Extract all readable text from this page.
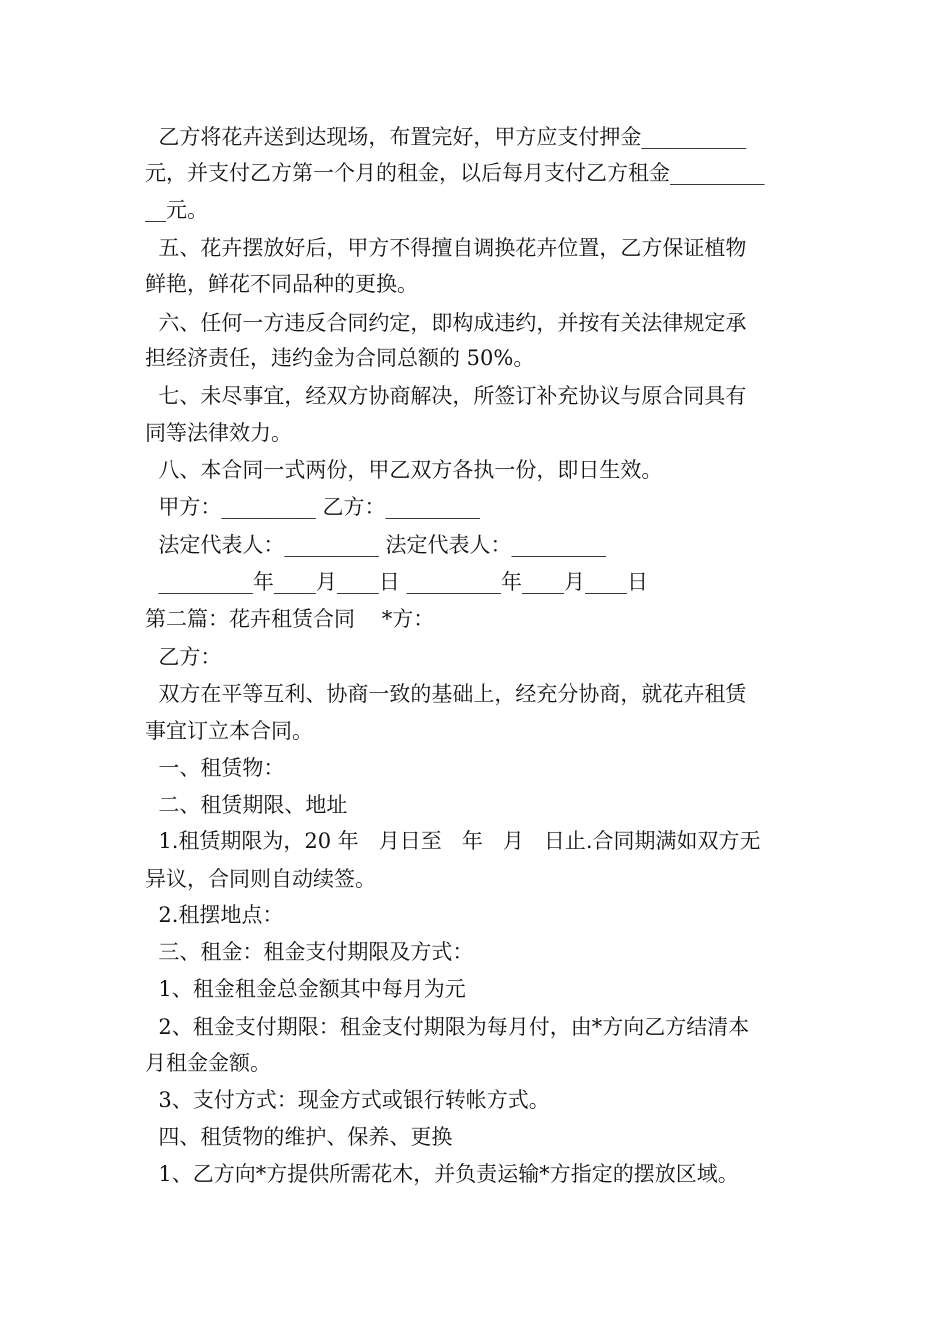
乙方将花卉送到达现场，布置完好，甲方应支付押金__________
元，并支付乙方第一个月的租金，以后每月支付乙方租金_________
__元。
五、花卉摆放好后，甲方不得擅自调换花卉位置，乙方保证植物
鲜艳，鲜花不同品种的更换。
六、任何一方违反合同约定，即构成违约，并按有关法律规定承
担经济责任，违约金为合同总额的 50%。
七、未尽事宜，经双方协商解决，所签订补充协议与原合同具有
同等法律效力。
八、本合同一式两份，甲乙双方各执一份，即日生效。
甲方：_________ 乙方：_________
法定代表人：_________ 法定代表人：_________
_________年____月____日 _________年____月____日
第二篇：花卉租赁合同    *方：
乙方：
双方在平等互利、协商一致的基础上，经充分协商，就花卉租赁
事宜订立本合同。
一、租赁物：
二、租赁期限、地址
1.租赁期限为，20 年   月日至   年   月   日止.合同期满如双方无
异议，合同则自动续签。
2.租摆地点：
三、租金：租金支付期限及方式：
1、租金租金总金额其中每月为元
2、租金支付期限：租金支付期限为每月付，由*方向乙方结清本
月租金金额。
3、支付方式：现金方式或银行转帐方式。
四、租赁物的维护、保养、更换
1、乙方向*方提供所需花木，并负责运输*方指定的摆放区域。
